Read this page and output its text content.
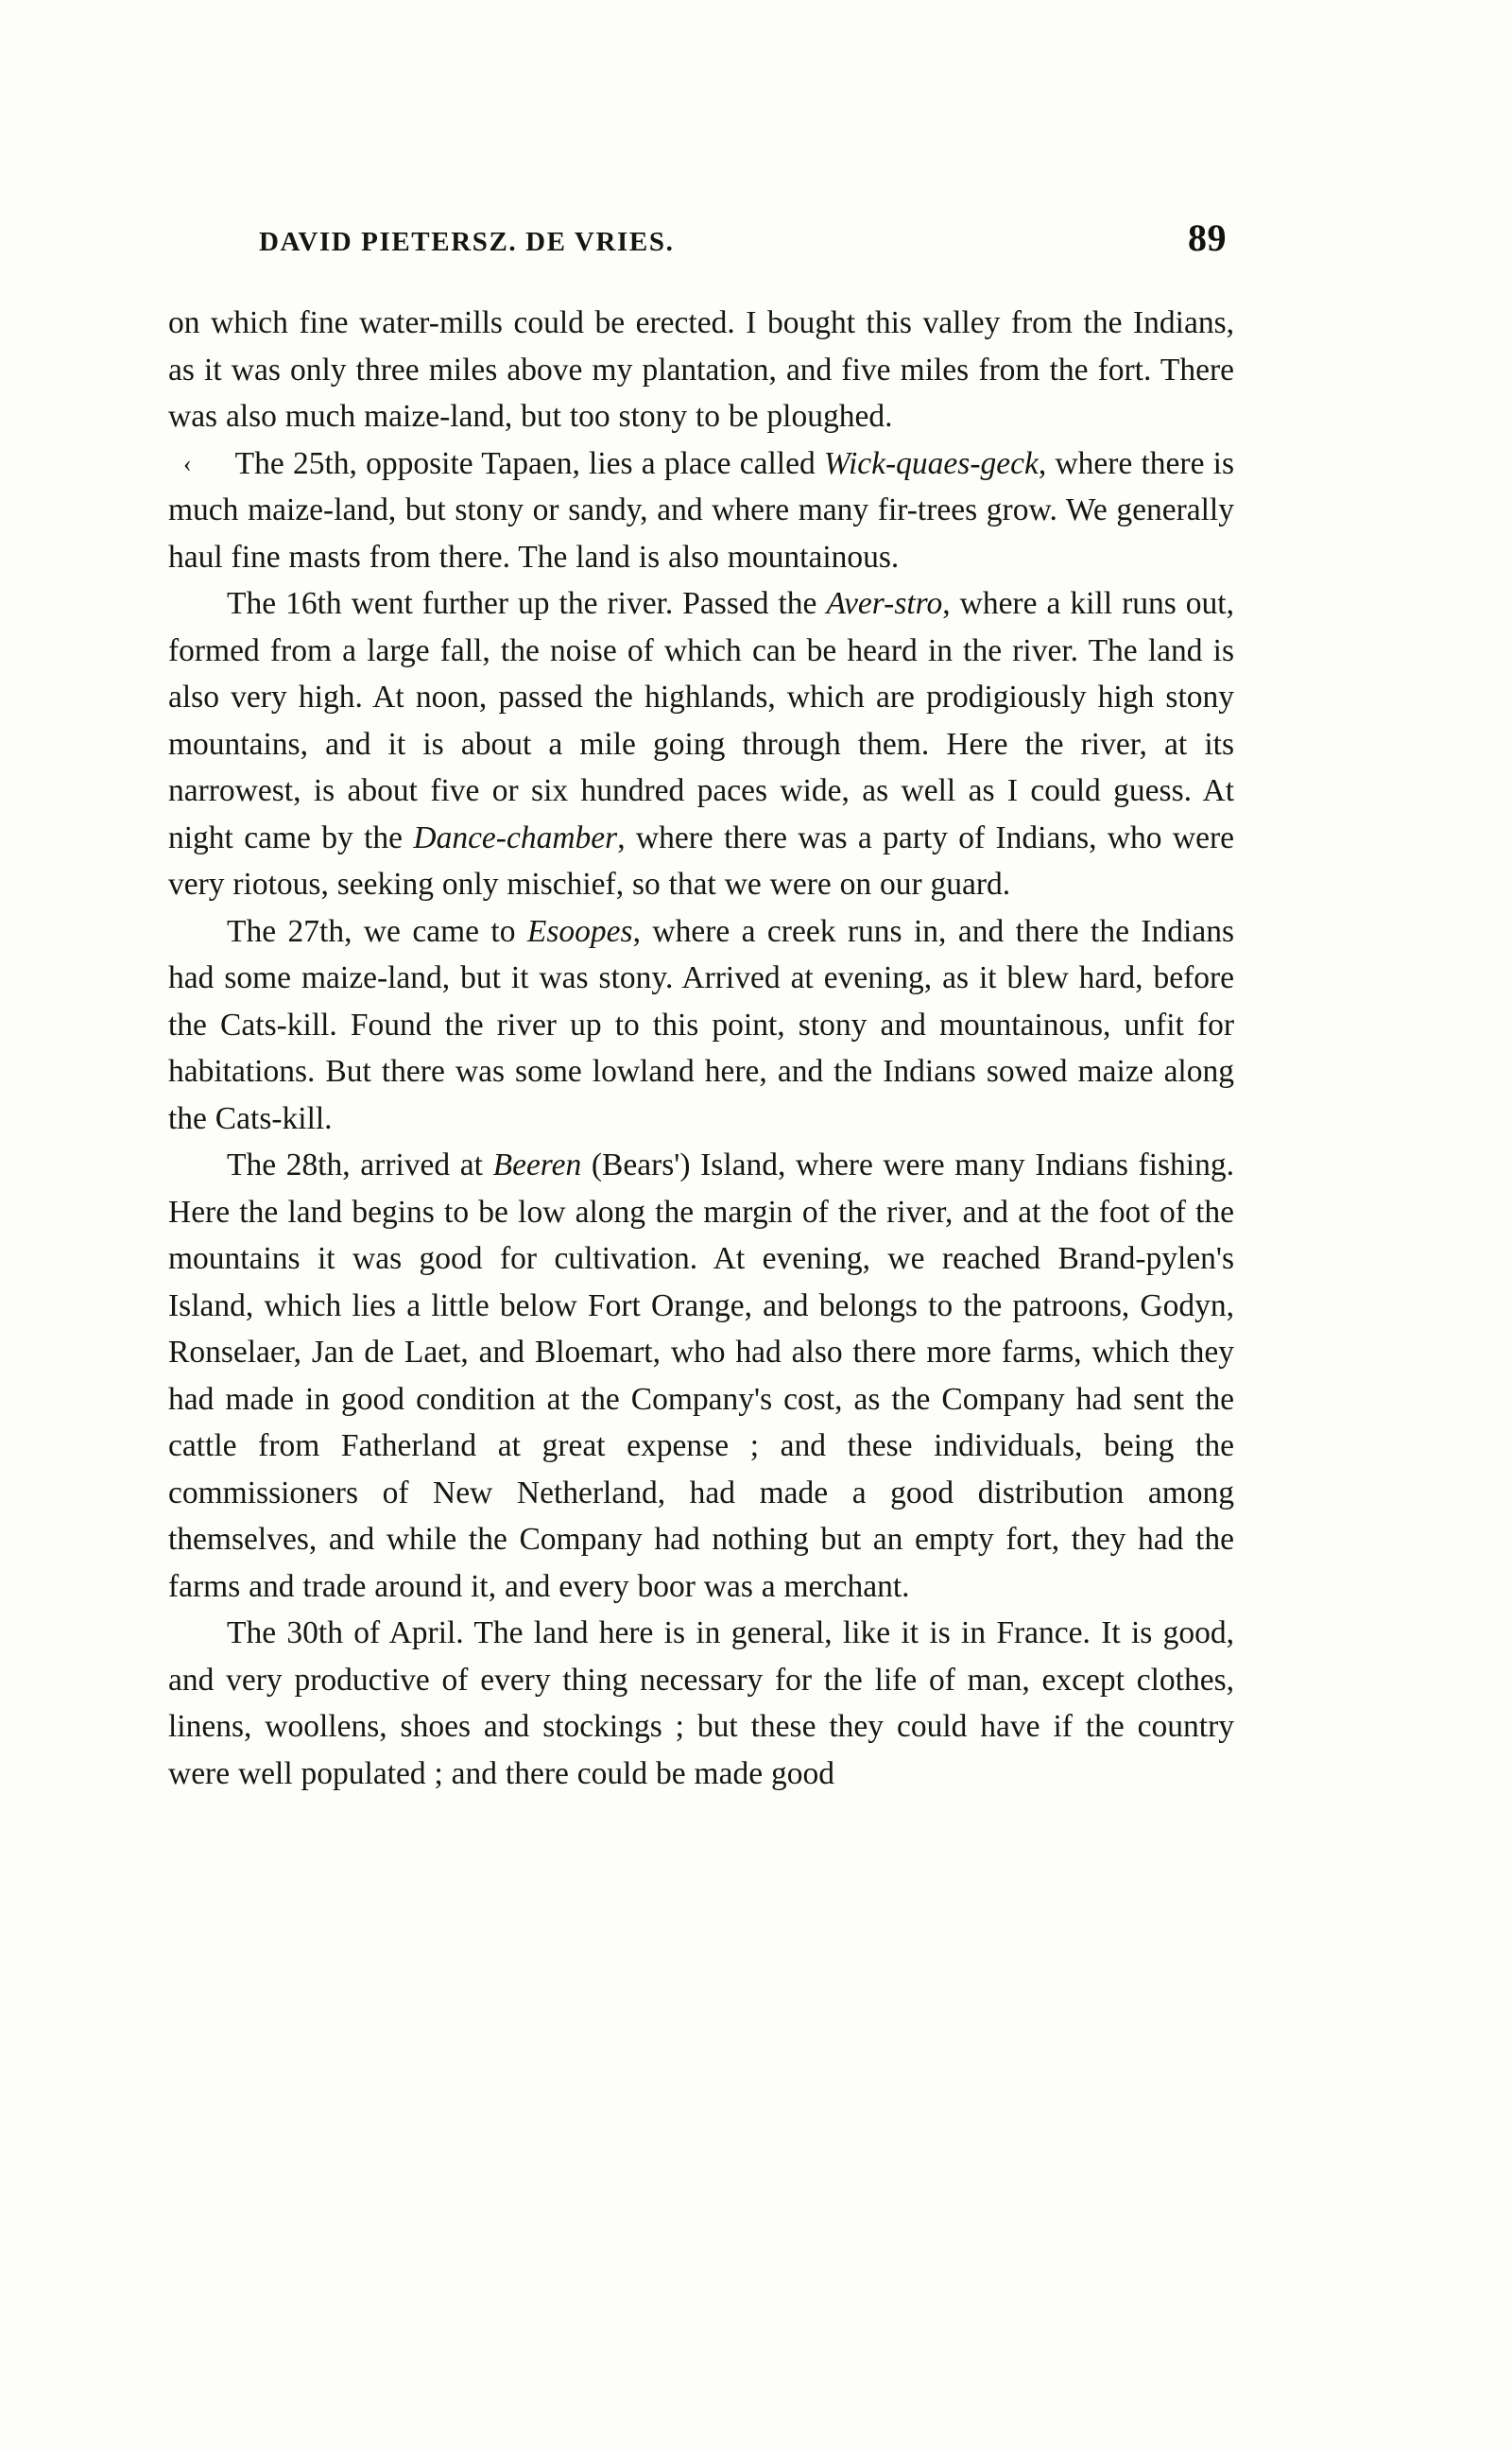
DAVID PIETERSZ. DE VRIES.	89

on which fine water-mills could be erected. I bought this valley from the Indians, as it was only three miles above my plantation, and five miles from the fort. There was also much maize-land, but too stony to be ploughed.

‹ The 25th, opposite Tapaen, lies a place called Wick-quaes-geck, where there is much maize-land, but stony or sandy, and where many fir-trees grow. We generally haul fine masts from there. The land is also mountainous.

The 16th went further up the river. Passed the Aver-stro, where a kill runs out, formed from a large fall, the noise of which can be heard in the river. The land is also very high. At noon, passed the highlands, which are prodigiously high stony mountains, and it is about a mile going through them. Here the river, at its narrowest, is about five or six hundred paces wide, as well as I could guess. At night came by the Dance-chamber, where there was a party of Indians, who were very riotous, seeking only mischief, so that we were on our guard.

The 27th, we came to Esoopes, where a creek runs in, and there the Indians had some maize-land, but it was stony. Arrived at evening, as it blew hard, before the Cats-kill. Found the river up to this point, stony and mountainous, unfit for habitations. But there was some lowland here, and the Indians sowed maize along the Cats-kill.

The 28th, arrived at Beeren (Bears') Island, where were many Indians fishing. Here the land begins to be low along the margin of the river, and at the foot of the mountains it was good for cultivation. At evening, we reached Brand-pylen's Island, which lies a little below Fort Orange, and belongs to the patroons, Godyn, Ronselaer, Jan de Laet, and Bloemart, who had also there more farms, which they had made in good condition at the Company's cost, as the Company had sent the cattle from Fatherland at great expense ; and these individuals, being the commissioners of New Netherland, had made a good distribution among themselves, and while the Company had nothing but an empty fort, they had the farms and trade around it, and every boor was a merchant.

The 30th of April. The land here is in general, like it is in France. It is good, and very productive of every thing necessary for the life of man, except clothes, linens, woollens, shoes and stockings ; but these they could have if the country were well populated ; and there could be made good
